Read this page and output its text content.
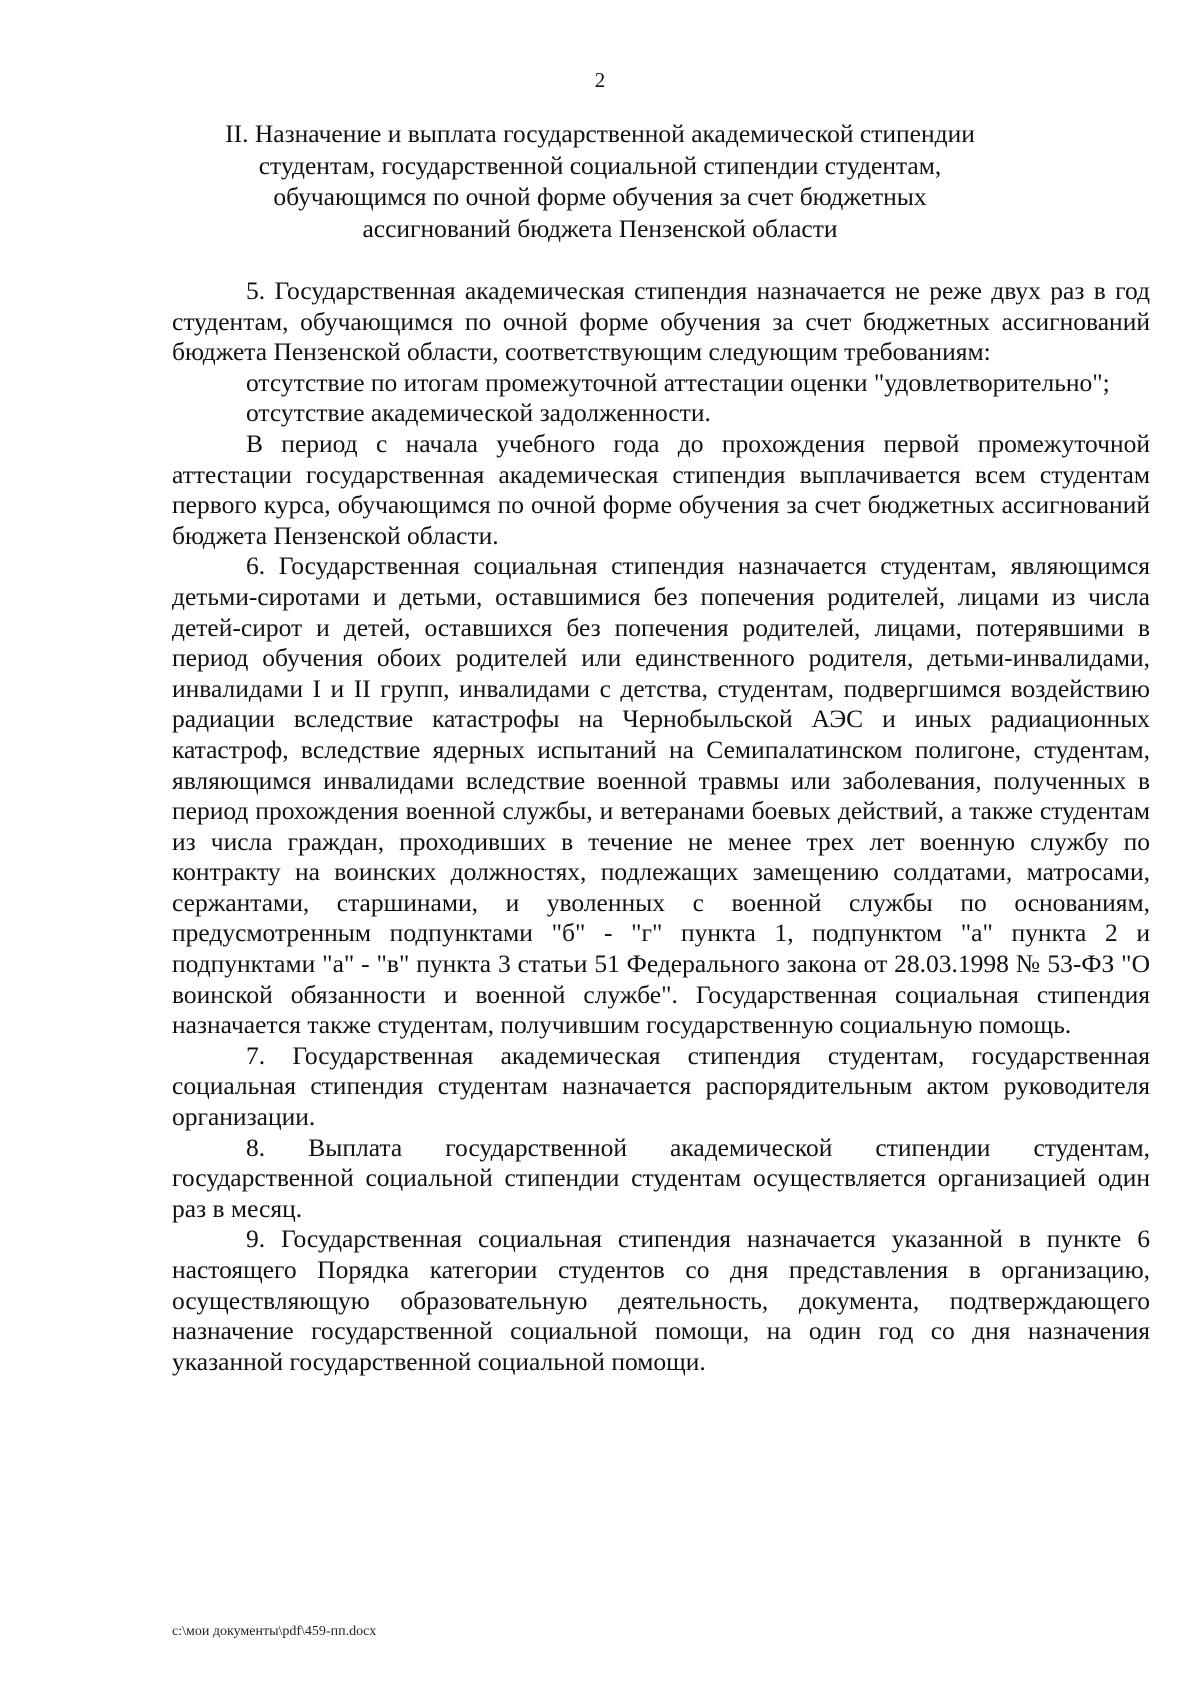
2
II. Назначение и выплата государственной академической стипендии студентам, государственной социальной стипендии студентам, обучающимся по очной форме обучения за счет бюджетных ассигнований бюджета Пензенской области

5. Государственная академическая стипендия назначается не реже двух раз в год студентам, обучающимся по очной форме обучения за счет бюджетных ассигнований бюджета Пензенской области, соответствующим следующим требованиям:

отсутствие по итогам промежуточной аттестации оценки "удовлетворительно";

отсутствие академической задолженности.

В период с начала учебного года до прохождения первой промежуточной аттестации государственная академическая стипендия выплачивается всем студентам первого курса, обучающимся по очной форме обучения за счет бюджетных ассигнований бюджета Пензенской области.

6. Государственная социальная стипендия назначается студентам, являющимся детьми-сиротами и детьми, оставшимися без попечения родителей, лицами из числа детей-сирот и детей, оставшихся без попечения родителей, лицами, потерявшими в период обучения обоих родителей или единственного родителя, детьми-инвалидами, инвалидами I и II групп, инвалидами с детства, студентам, подвергшимся воздействию радиации вследствие катастрофы на Чернобыльской АЭС и иных радиационных катастроф, вследствие ядерных испытаний на Семипалатинском полигоне, студентам, являющимся инвалидами вследствие военной травмы или заболевания, полученных в период прохождения военной службы, и ветеранами боевых действий, а также студентам из числа граждан, проходивших в течение не менее трех лет военную службу по контракту на воинских должностях, подлежащих замещению солдатами, матросами, сержантами, старшинами, и уволенных с военной службы по основаниям, предусмотренным подпунктами "б" - "г" пункта 1, подпунктом "а" пункта 2 и подпунктами "а" - "в" пункта 3 статьи 51 Федерального закона от 28.03.1998 № 53-ФЗ "О воинской обязанности и военной службе". Государственная социальная стипендия назначается также студентам, получившим государственную социальную помощь.

7. Государственная академическая стипендия студентам, государственная социальная стипендия студентам назначается распорядительным актом руководителя организации.

8. Выплата государственной академической стипендии студентам, государственной социальной стипендии студентам осуществляется организацией один раз в месяц.

9. Государственная социальная стипендия назначается указанной в пункте 6 настоящего Порядка категории студентов со дня представления в организацию, осуществляющую образовательную деятельность, документа, подтверждающего назначение государственной социальной помощи, на один год со дня назначения указанной государственной социальной помощи.

c:\мои документы\pdf\459-пп.docx
